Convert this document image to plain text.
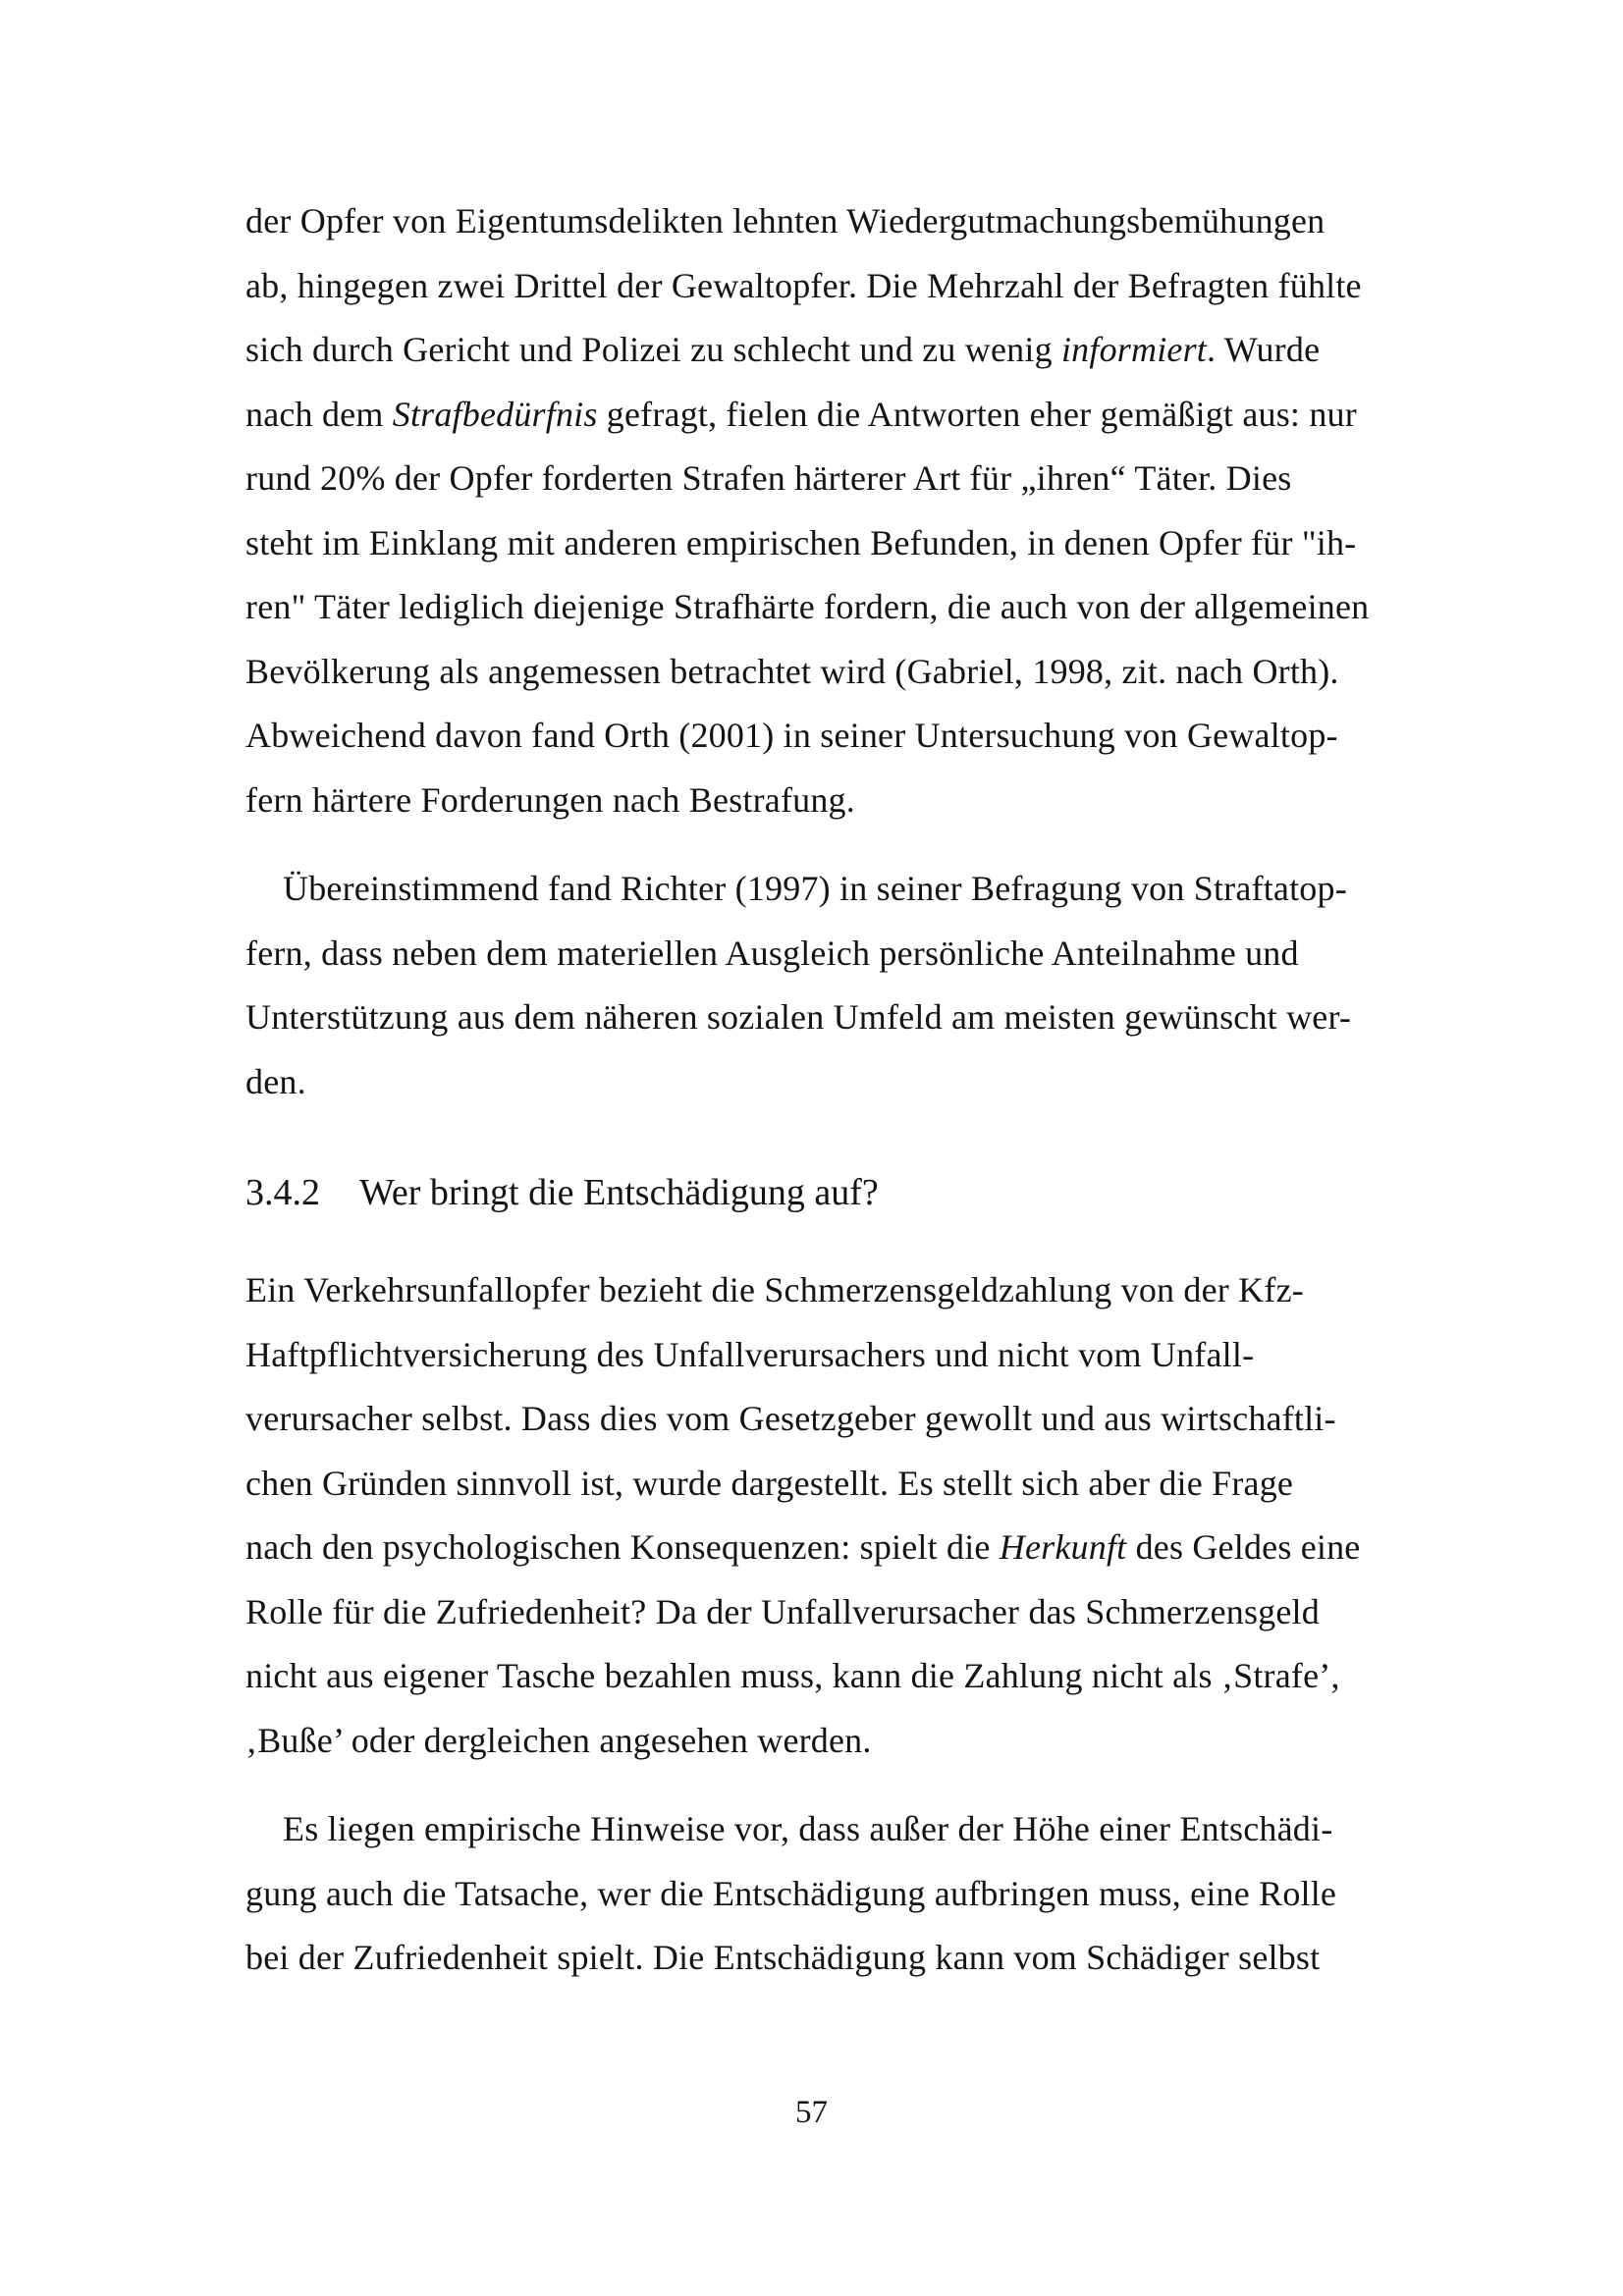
der Opfer von Eigentumsdelikten lehnten Wiedergutmachungsbemühungen
ab, hingegen zwei Drittel der Gewaltopfer. Die Mehrzahl der Befragten fühlte
sich durch Gericht und Polizei zu schlecht und zu wenig informiert. Wurde
nach dem Strafbedürfnis gefragt, fielen die Antworten eher gemäßigt aus: nur
rund 20% der Opfer forderten Strafen härterer Art für „ihren“ Täter. Dies
steht im Einklang mit anderen empirischen Befunden, in denen Opfer für "ih-
ren" Täter lediglich diejenige Strafhärte fordern, die auch von der allgemeinen
Bevölkerung als angemessen betrachtet wird (Gabriel, 1998, zit. nach Orth).
Abweichend davon fand Orth (2001) in seiner Untersuchung von Gewaltop-
fern härtere Forderungen nach Bestrafung.
Übereinstimmend fand Richter (1997) in seiner Befragung von Straftatop-
fern, dass neben dem materiellen Ausgleich persönliche Anteilnahme und
Unterstützung aus dem näheren sozialen Umfeld am meisten gewünscht wer-
den.
3.4.2 Wer bringt die Entschädigung auf?
Ein Verkehrsunfallopfer bezieht die Schmerzensgeldzahlung von der Kfz-
Haftpflichtversicherung des Unfallverursachers und nicht vom Unfall-
verursacher selbst. Dass dies vom Gesetzgeber gewollt und aus wirtschaftli-
chen Gründen sinnvoll ist, wurde dargestellt. Es stellt sich aber die Frage
nach den psychologischen Konsequenzen: spielt die Herkunft des Geldes eine
Rolle für die Zufriedenheit? Da der Unfallverursacher das Schmerzensgeld
nicht aus eigener Tasche bezahlen muss, kann die Zahlung nicht als ‚Strafe’,
‚Buße’ oder dergleichen angesehen werden.
Es liegen empirische Hinweise vor, dass außer der Höhe einer Entschädi-
gung auch die Tatsache, wer die Entschädigung aufbringen muss, eine Rolle
bei der Zufriedenheit spielt. Die Entschädigung kann vom Schädiger selbst
57
